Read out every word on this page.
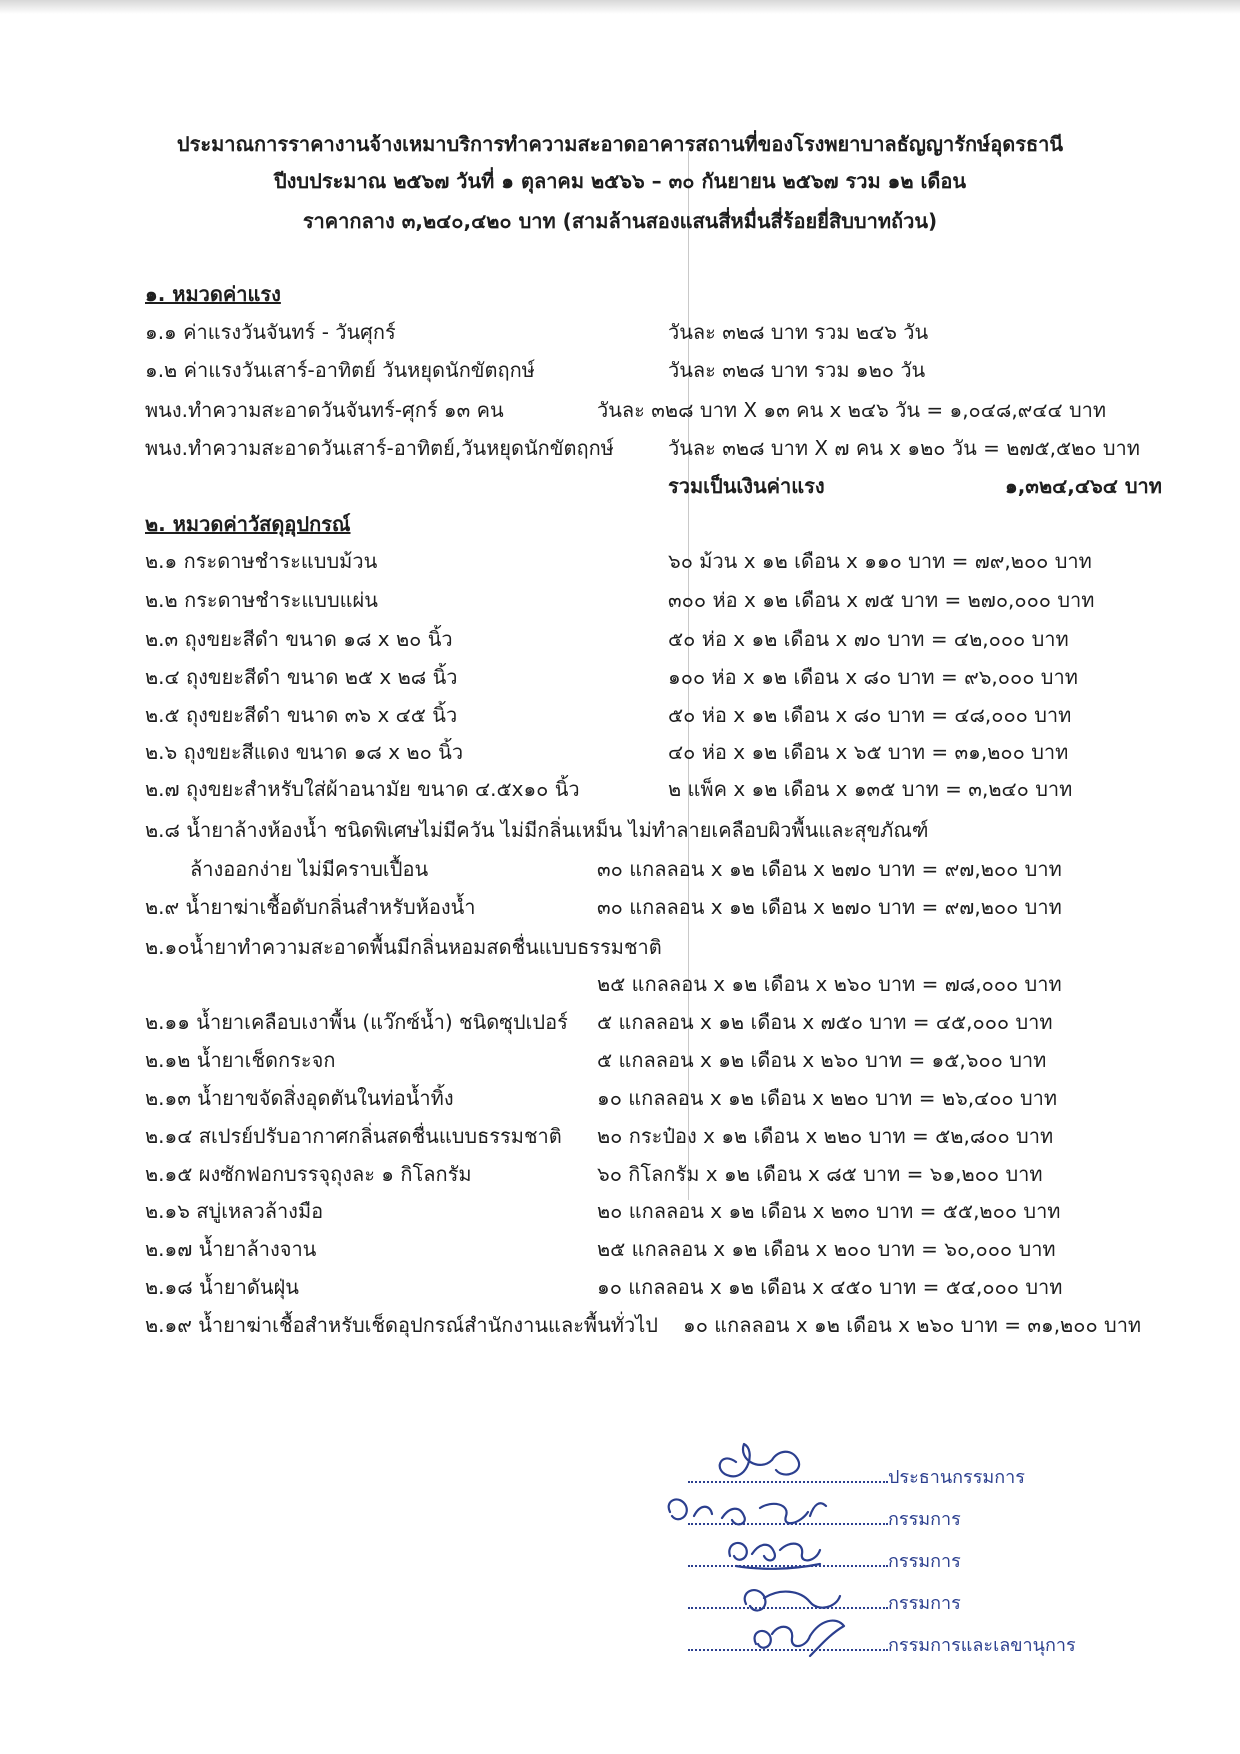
ประมาณการราคางานจ้างเหมาบริการทำความสะอาดอาคารสถานที่ของโรงพยาบาลธัญญารักษ์อุดรธานี
ปีงบประมาณ ๒๕๖๗ วันที่ ๑ ตุลาคม ๒๕๖๖ – ๓๐ กันยายน ๒๕๖๗ รวม ๑๒ เดือน
ราคากลาง ๓,๒๔๐,๔๒๐ บาท (สามล้านสองแสนสี่หมื่นสี่ร้อยยี่สิบบาทถ้วน)
๑. หมวดค่าแรง
๑.๑ ค่าแรงวันจันทร์ - วันศุกร์	วันละ ๓๒๘ บาท รวม ๒๔๖ วัน
๑.๒ ค่าแรงวันเสาร์-อาทิตย์ วันหยุดนักขัตฤกษ์	วันละ ๓๒๘ บาท รวม ๑๒๐ วัน
พนง.ทำความสะอาดวันจันทร์-ศุกร์ ๑๓ คน	วันละ ๓๒๘ บาท X ๑๓ คน x ๒๔๖ วัน = ๑,๐๔๘,๙๔๔ บาท
พนง.ทำความสะอาดวันเสาร์-อาทิตย์,วันหยุดนักขัตฤกษ์	วันละ ๓๒๘ บาท X ๗ คน x ๑๒๐ วัน = ๒๗๕,๕๒๐ บาท
รวมเป็นเงินค่าแรง	๑,๓๒๔,๔๖๔ บาท
๒. หมวดค่าวัสดุอุปกรณ์
๒.๑ กระดาษชำระแบบม้วน	๖๐ ม้วน x ๑๒ เดือน x ๑๑๐ บาท = ๗๙,๒๐๐ บาท
๒.๒ กระดาษชำระแบบแผ่น	๓๐๐ ห่อ x ๑๒ เดือน x ๗๕ บาท = ๒๗๐,๐๐๐ บาท
๒.๓ ถุงขยะสีดำ ขนาด ๑๘ x ๒๐ นิ้ว	๕๐ ห่อ x ๑๒ เดือน x ๗๐ บาท = ๔๒,๐๐๐ บาท
๒.๔ ถุงขยะสีดำ ขนาด ๒๕ x ๒๘ นิ้ว	๑๐๐ ห่อ x ๑๒ เดือน x ๘๐ บาท = ๙๖,๐๐๐ บาท
๒.๕ ถุงขยะสีดำ ขนาด ๓๖ x ๔๕ นิ้ว	๕๐ ห่อ x ๑๒ เดือน x ๘๐ บาท = ๔๘,๐๐๐ บาท
๒.๖ ถุงขยะสีแดง ขนาด ๑๘ x ๒๐ นิ้ว	๔๐ ห่อ x ๑๒ เดือน x ๖๕ บาท = ๓๑,๒๐๐ บาท
๒.๗ ถุงขยะสำหรับใส่ผ้าอนามัย ขนาด ๔.๕x๑๐ นิ้ว	๒ แพ็ค x ๑๒ เดือน x ๑๓๕ บาท = ๓,๒๔๐ บาท
๒.๘ น้ำยาล้างห้องน้ำ ชนิดพิเศษไม่มีควัน ไม่มีกลิ่นเหม็น ไม่ทำลายเคลือบผิวพื้นและสุขภัณฑ์
ล้างออกง่าย ไม่มีคราบเปื้อน	๓๐ แกลลอน x ๑๒ เดือน x ๒๗๐ บาท = ๙๗,๒๐๐ บาท
๒.๙ น้ำยาฆ่าเชื้อดับกลิ่นสำหรับห้องน้ำ	๓๐ แกลลอน x ๑๒ เดือน x ๒๗๐ บาท = ๙๗,๒๐๐ บาท
๒.๑๐น้ำยาทำความสะอาดพื้นมีกลิ่นหอมสดชื่นแบบธรรมชาติ
๒๕ แกลลอน x ๑๒ เดือน x ๒๖๐ บาท = ๗๘,๐๐๐ บาท
๒.๑๑ น้ำยาเคลือบเงาพื้น (แว๊กซ์น้ำ) ชนิดซุปเปอร์ ๕ แกลลอน x ๑๒ เดือน x ๗๕๐ บาท = ๔๕,๐๐๐ บาท
๒.๑๒ น้ำยาเช็ดกระจก	๕ แกลลอน x ๑๒ เดือน x ๒๖๐ บาท = ๑๕,๖๐๐ บาท
๒.๑๓ น้ำยาขจัดสิ่งอุดตันในท่อน้ำทิ้ง	๑๐ แกลลอน x ๑๒ เดือน x ๒๒๐ บาท = ๒๖,๔๐๐ บาท
๒.๑๔ สเปรย์ปรับอากาศกลิ่นสดชื่นแบบธรรมชาติ ๒๐ กระป๋อง x ๑๒ เดือน x ๒๒๐ บาท = ๕๒,๘๐๐ บาท
๒.๑๕ ผงซักฟอกบรรจุถุงละ ๑ กิโลกรัม	๖๐ กิโลกรัม x ๑๒ เดือน x ๘๕ บาท = ๖๑,๒๐๐ บาท
๒.๑๖ สบู่เหลวล้างมือ	๒๐ แกลลอน x ๑๒ เดือน x ๒๓๐ บาท = ๕๕,๒๐๐ บาท
๒.๑๗ น้ำยาล้างจาน	๒๕ แกลลอน x ๑๒ เดือน x ๒๐๐ บาท = ๖๐,๐๐๐ บาท
๒.๑๘ น้ำยาดันฝุ่น	๑๐ แกลลอน x ๑๒ เดือน x ๔๕๐ บาท = ๕๔,๐๐๐ บาท
๒.๑๙ น้ำยาฆ่าเชื้อสำหรับเช็ดอุปกรณ์สำนักงานและพื้นทั่วไป ๑๐ แกลลอน x ๑๒ เดือน x ๒๖๐ บาท = ๓๑,๒๐๐ บาท
ประธานกรรมการ
กรรมการ
กรรมการ
กรรมการ
กรรมการและเลขานุการ
